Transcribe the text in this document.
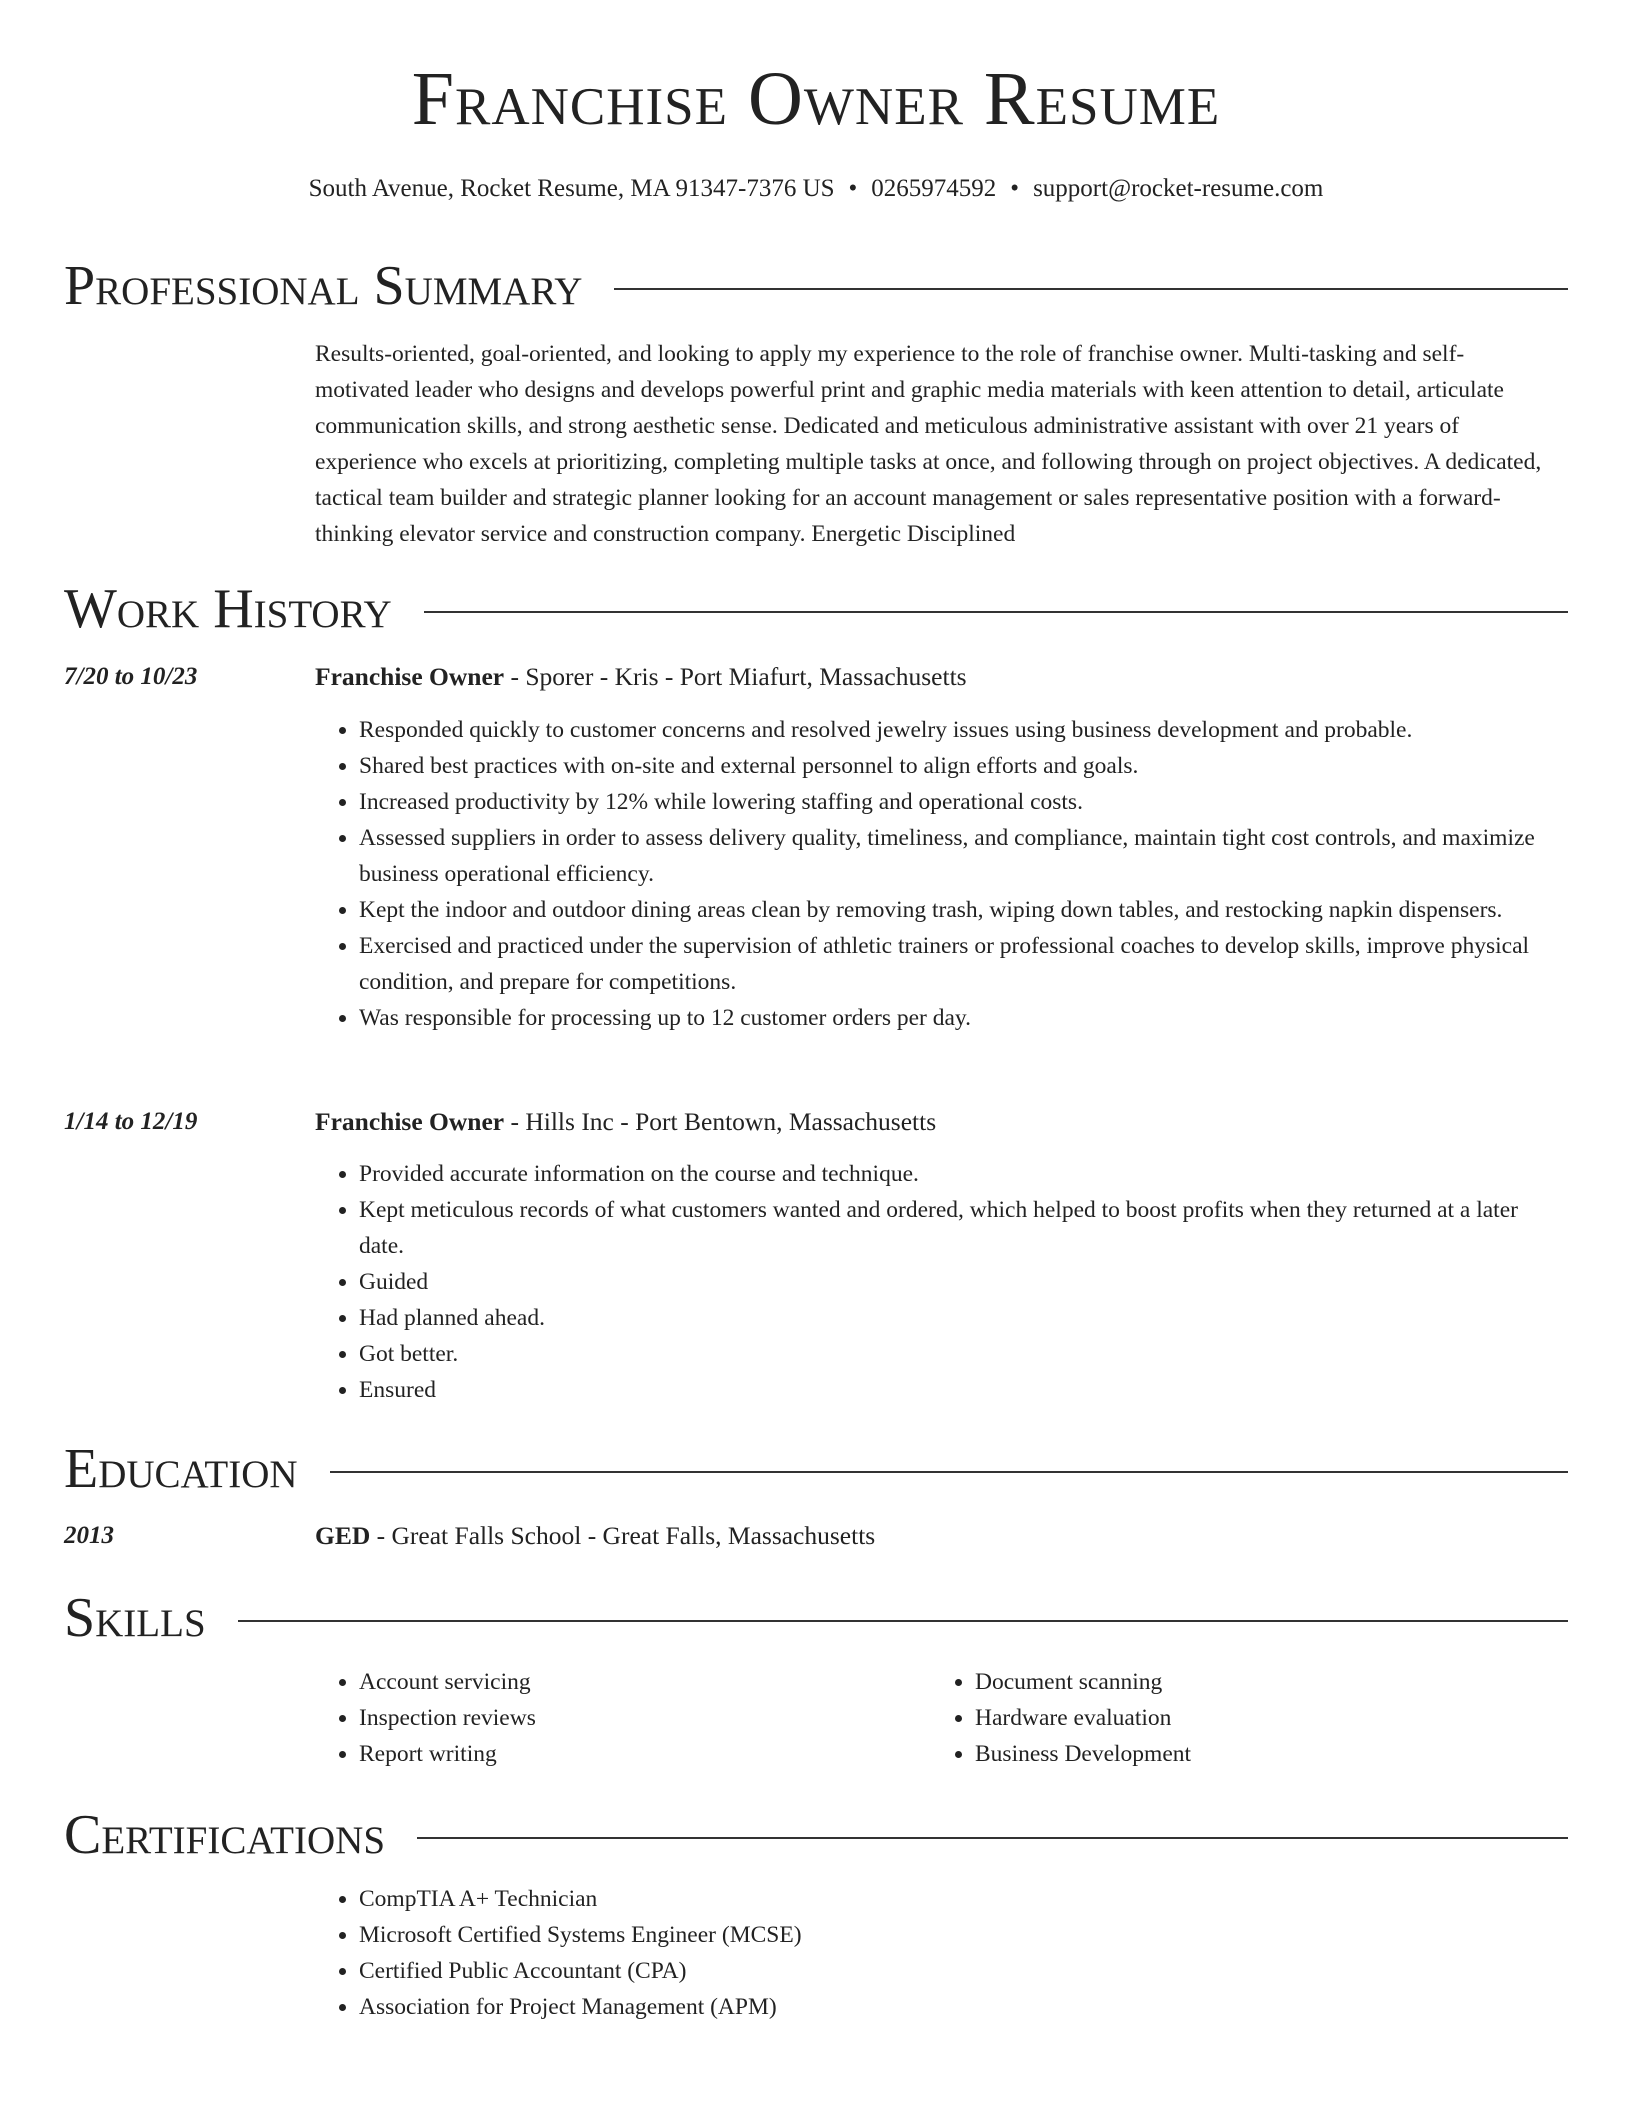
Franchise Owner Resume
South Avenue, Rocket Resume, MA 91347-7376 US • 0265974592 • support@rocket-resume.com
Professional Summary

Results-oriented, goal-oriented, and looking to apply my experience to the role of franchise owner. Multi-tasking and self-motivated leader who designs and develops powerful print and graphic media materials with keen attention to detail, articulate communication skills, and strong aesthetic sense. Dedicated and meticulous administrative assistant with over 21 years of experience who excels at prioritizing, completing multiple tasks at once, and following through on project objectives. A dedicated, tactical team builder and strategic planner looking for an account management or sales representative position with a forward-thinking elevator service and construction company. Energetic Disciplined

Work History
7/20 to 10/23	Franchise Owner - Sporer - Kris - Port Miafurt, Massachusetts
• Responded quickly to customer concerns and resolved jewelry issues using business development and probable.
• Shared best practices with on-site and external personnel to align efforts and goals.
• Increased productivity by 12% while lowering staffing and operational costs.
• Assessed suppliers in order to assess delivery quality, timeliness, and compliance, maintain tight cost controls, and maximize business operational efficiency.
• Kept the indoor and outdoor dining areas clean by removing trash, wiping down tables, and restocking napkin dispensers.
• Exercised and practiced under the supervision of athletic trainers or professional coaches to develop skills, improve physical condition, and prepare for competitions.
• Was responsible for processing up to 12 customer orders per day.
1/14 to 12/19	Franchise Owner - Hills Inc - Port Bentown, Massachusetts
• Provided accurate information on the course and technique.
• Kept meticulous records of what customers wanted and ordered, which helped to boost profits when they returned at a later date.
• Guided
• Had planned ahead.
• Got better.
• Ensured
Education
2013	GED - Great Falls School - Great Falls, Massachusetts
Skills
• Account servicing
• Inspection reviews
• Report writing
• Document scanning
• Hardware evaluation
• Business Development
Certifications
• CompTIA A+ Technician
• Microsoft Certified Systems Engineer (MCSE)
• Certified Public Accountant (CPA)
• Association for Project Management (APM)
